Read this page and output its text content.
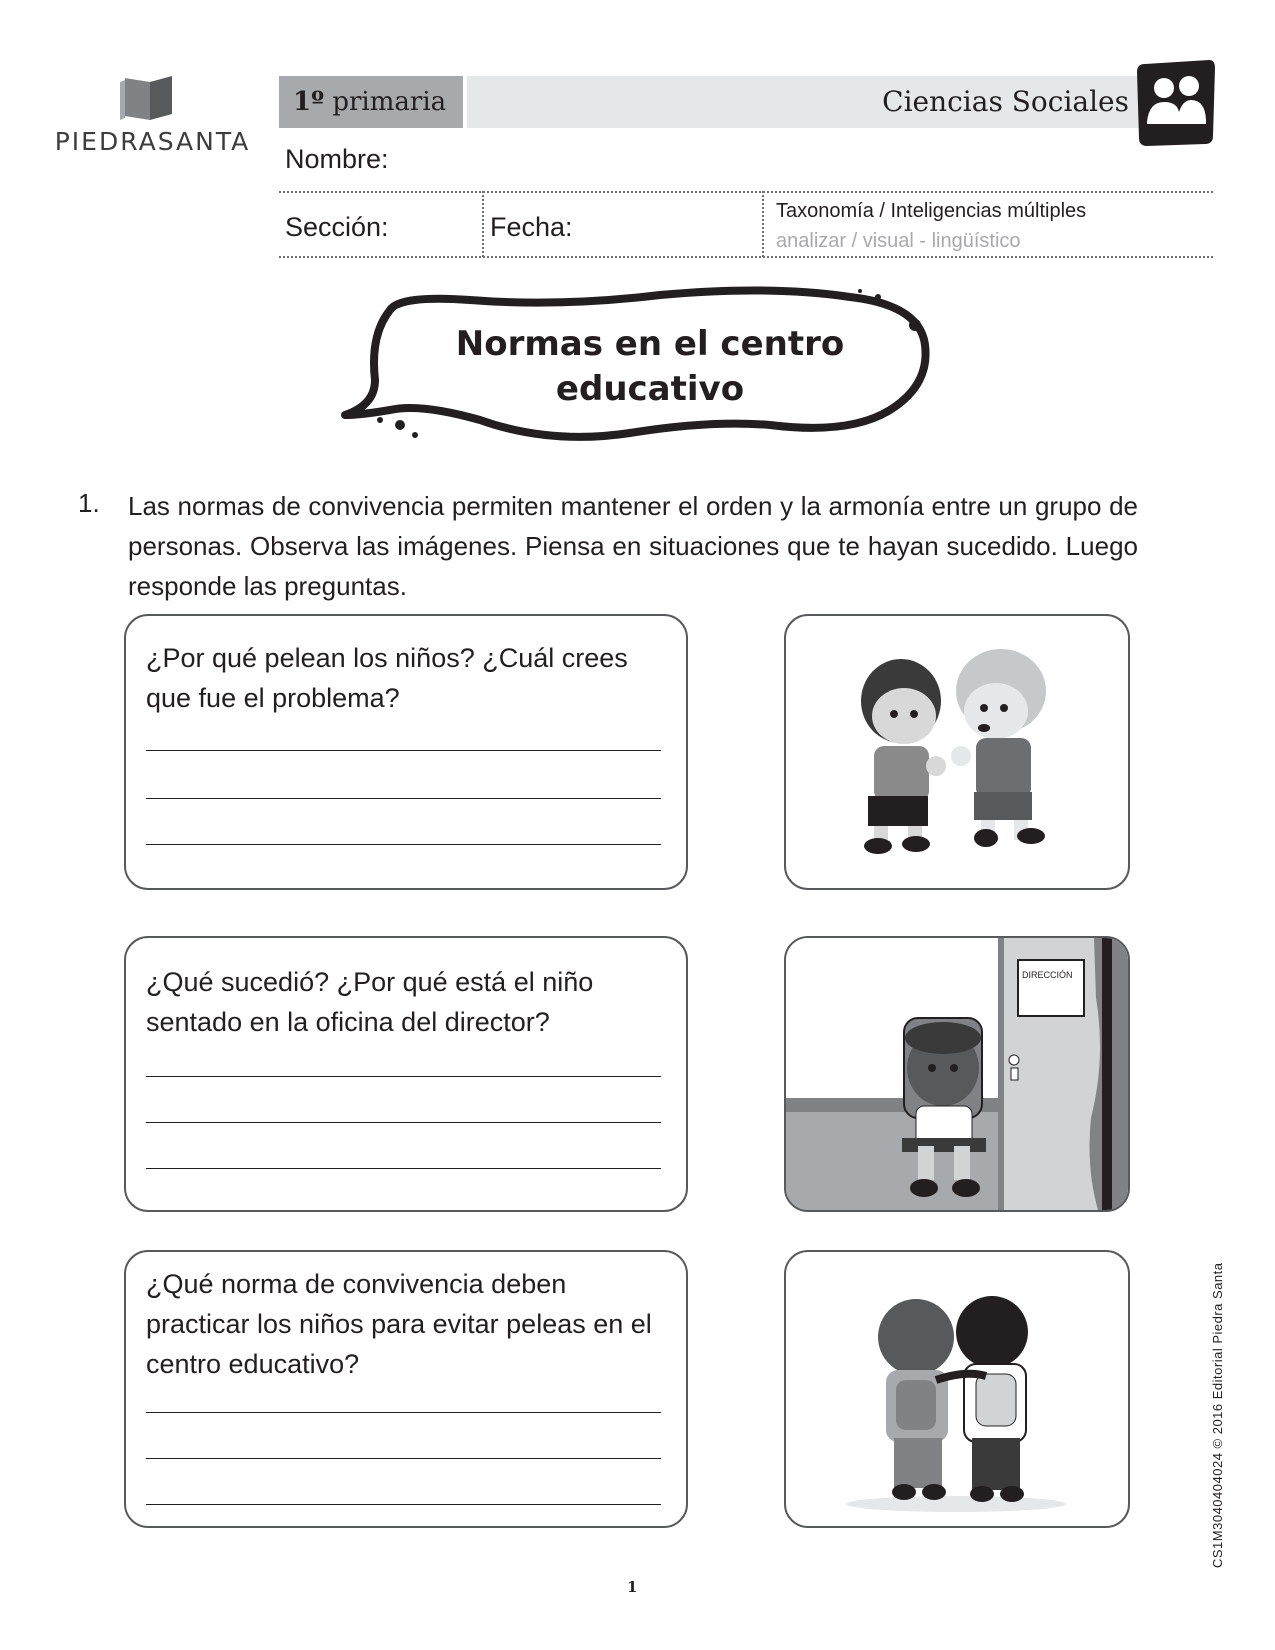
PIEDRASANTA
1º primaria	Ciencias Sociales
Nombre:
Sección:	Fecha:
Taxonomía / Inteligencias múltiples
analizar / visual - lingüístico
Normas en el centro
educativo
1. Las normas de convivencia permiten mantener el orden y la armonía entre un grupo de personas. Observa las imágenes. Piensa en situaciones que te hayan sucedido. Luego responde las preguntas.
¿Por qué pelean los niños? ¿Cuál crees que fue el problema?
¿Qué sucedió? ¿Por qué está el niño sentado en la oficina del director?
DIRECCIÓN
¿Qué norma de convivencia deben practicar los niños para evitar peleas en el centro educativo?
1
CS1M3040404024 © 2016 Editorial Piedra Santa
